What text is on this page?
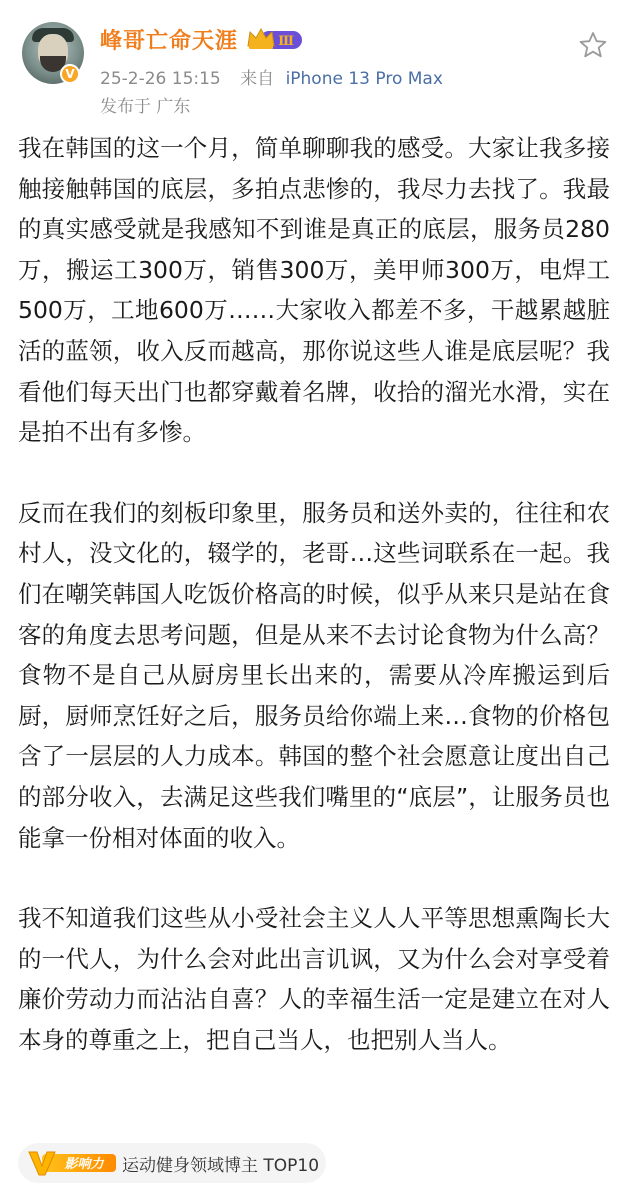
V
峰哥亡命天涯	Ⅲ
25-2-26 15:15 来自 iPhone 13 Pro Max
发布于 广东

我在韩国的这一个月，简单聊聊我的感受。大家让我多接触接触韩国的底层，多拍点悲惨的，我尽力去找了。我最的真实感受就是我感知不到谁是真正的底层，服务员280万，搬运工300万，销售300万，美甲师300万，电焊工500万，工地600万……大家收入都差不多，干越累越脏活的蓝领，收入反而越高，那你说这些人谁是底层呢？我看他们每天出门也都穿戴着名牌，收拾的溜光水滑，实在是拍不出有多惨。

反而在我们的刻板印象里，服务员和送外卖的，往往和农村人，没文化的，辍学的，老哥…这些词联系在一起。我们在嘲笑韩国人吃饭价格高的时候，似乎从来只是站在食客的角度去思考问题，但是从来不去讨论食物为什么高？食物不是自己从厨房里长出来的，需要从冷库搬运到后厨，厨师烹饪好之后，服务员给你端上来…食物的价格包含了一层层的人力成本。韩国的整个社会愿意让度出自己的部分收入，去满足这些我们嘴里的“底层”，让服务员也能拿一份相对体面的收入。

我不知道我们这些从小受社会主义人人平等思想熏陶长大的一代人，为什么会对此出言讥讽，又为什么会对享受着廉价劳动力而沾沾自喜？人的幸福生活一定是建立在对人本身的尊重之上，把自己当人，也把别人当人。

影响力 运动健身领域博主 TOP10
